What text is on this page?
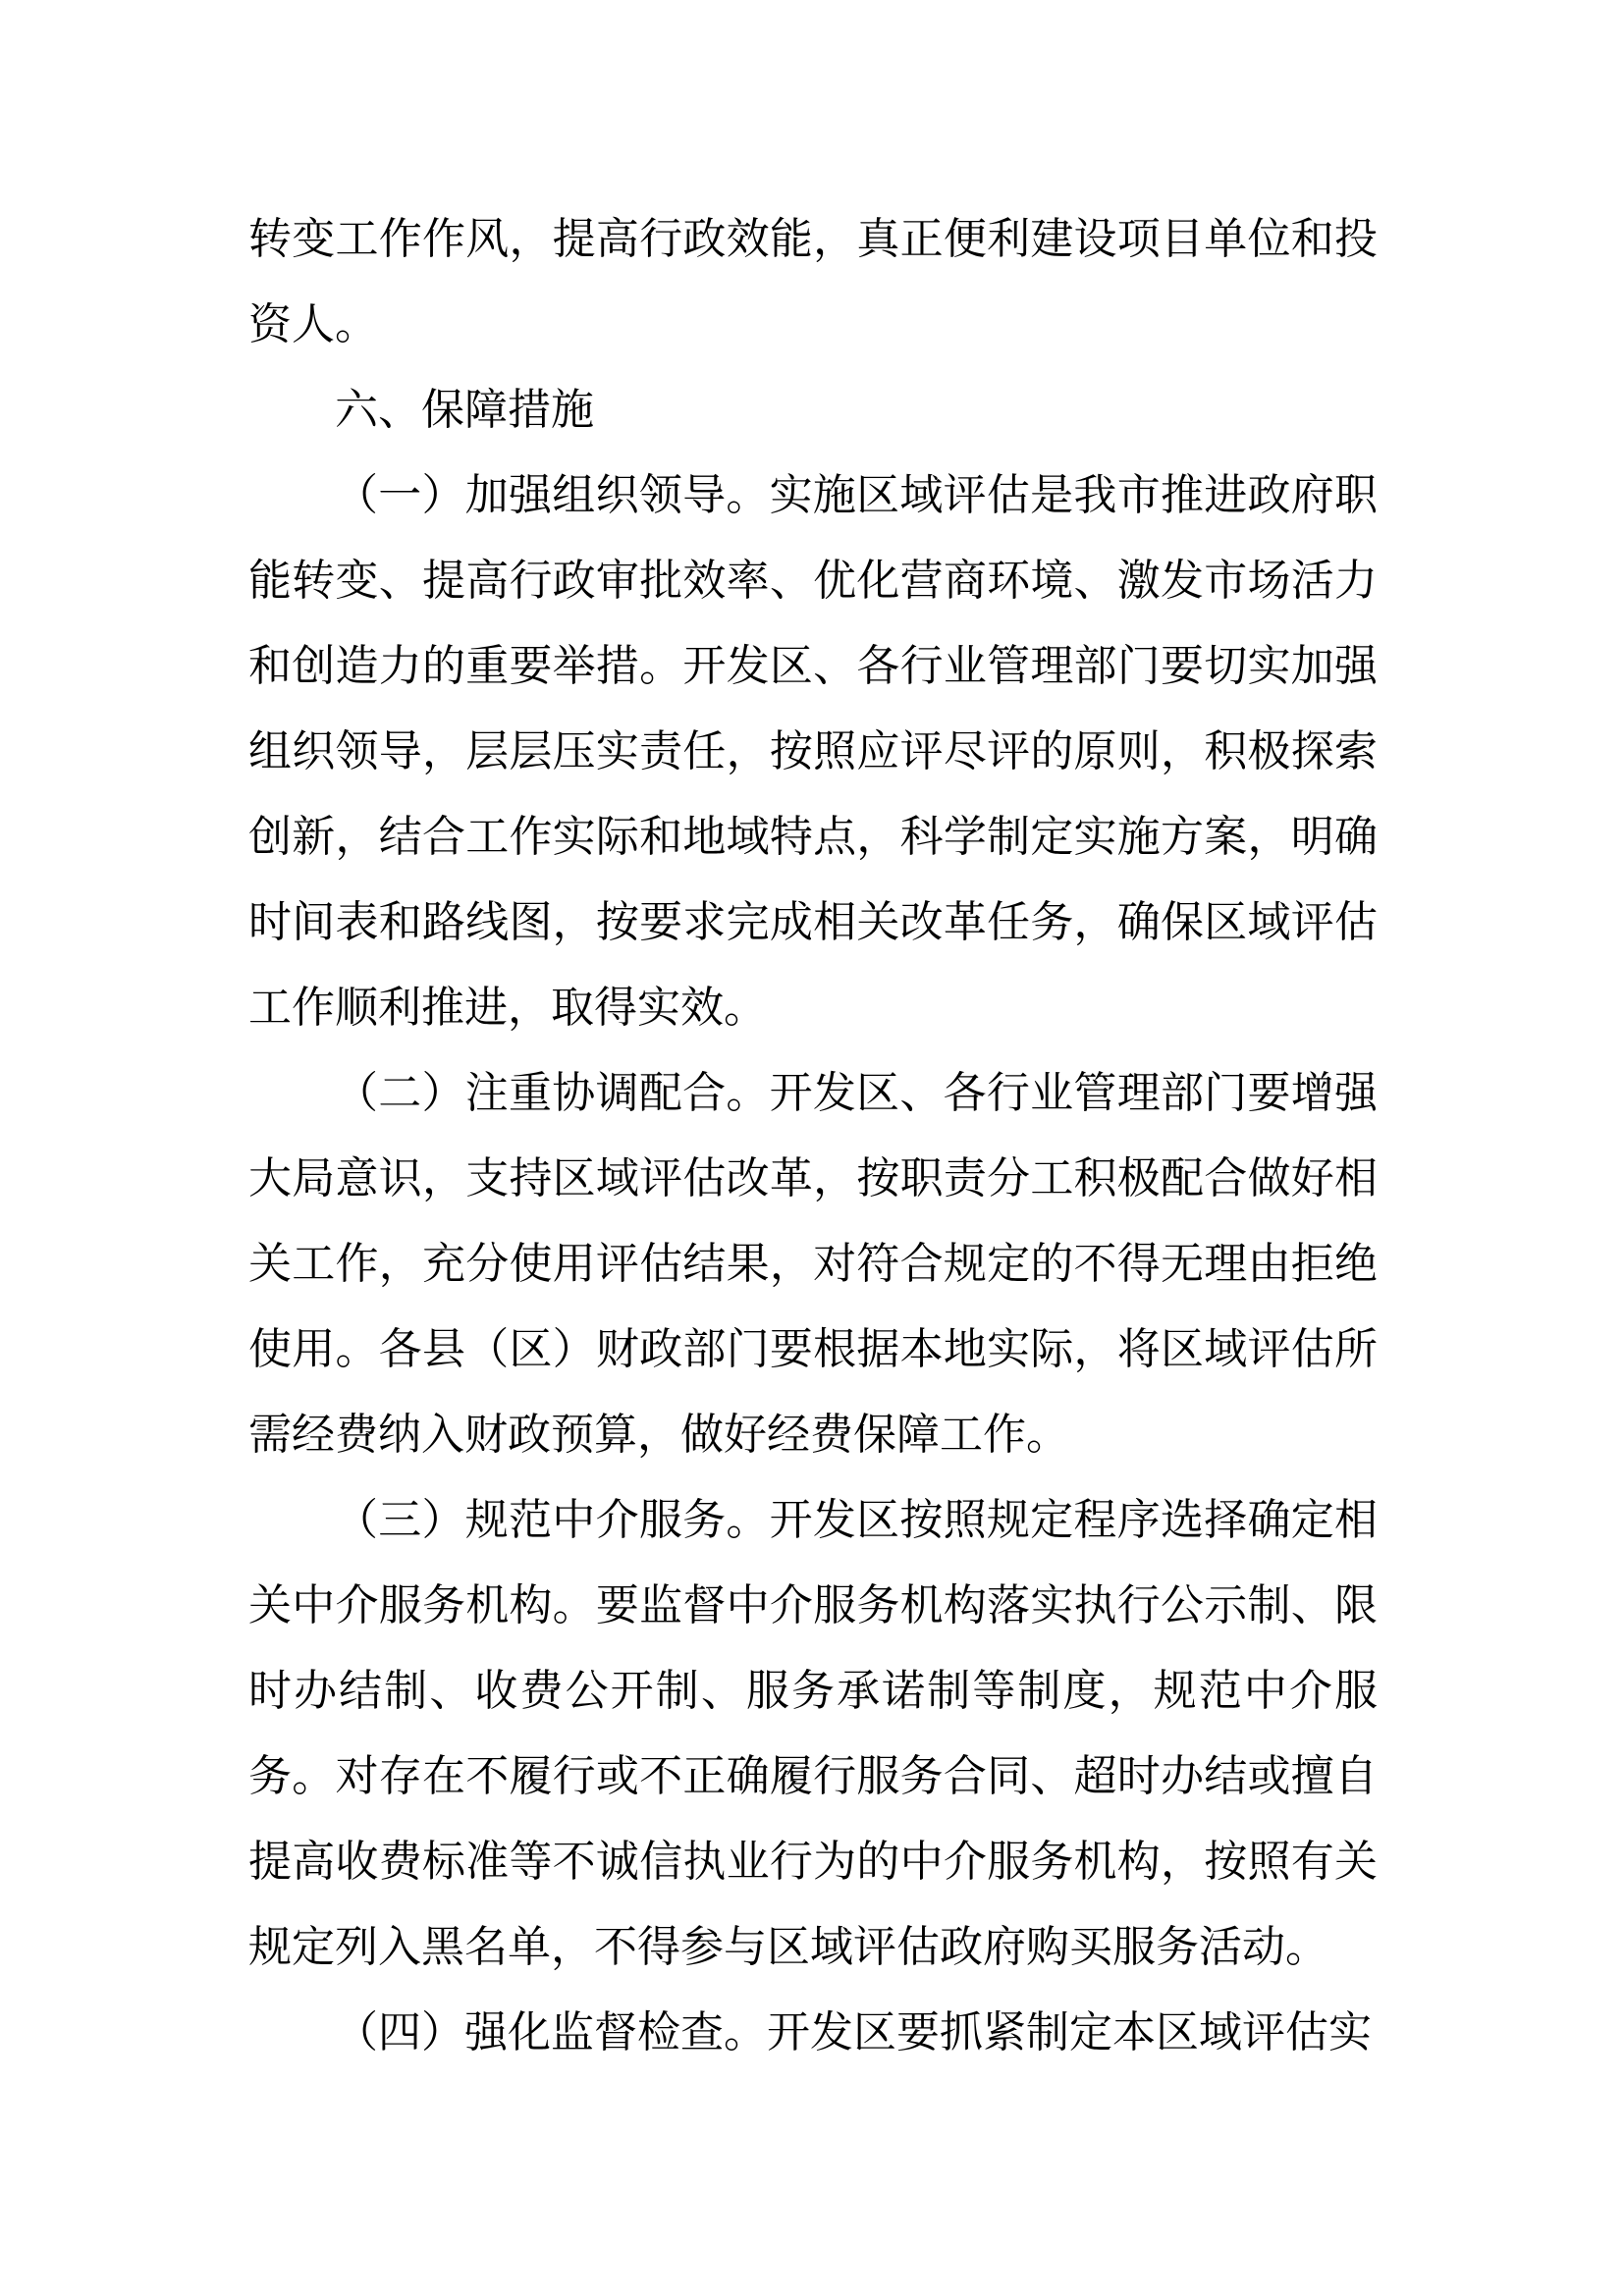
转变工作作风，提高行政效能，真正便利建设项目单位和投资人。

六、保障措施

（一）加强组织领导。实施区域评估是我市推进政府职能转变、提高行政审批效率、优化营商环境、激发市场活力和创造力的重要举措。开发区、各行业管理部门要切实加强组织领导，层层压实责任，按照应评尽评的原则，积极探索创新，结合工作实际和地域特点，科学制定实施方案，明确时间表和路线图，按要求完成相关改革任务，确保区域评估工作顺利推进，取得实效。

（二）注重协调配合。开发区、各行业管理部门要增强大局意识，支持区域评估改革，按职责分工积极配合做好相关工作，充分使用评估结果，对符合规定的不得无理由拒绝使用。各县（区）财政部门要根据本地实际，将区域评估所需经费纳入财政预算，做好经费保障工作。

（三）规范中介服务。开发区按照规定程序选择确定相关中介服务机构。要监督中介服务机构落实执行公示制、限时办结制、收费公开制、服务承诺制等制度，规范中介服务。对存在不履行或不正确履行服务合同、超时办结或擅自提高收费标准等不诚信执业行为的中介服务机构，按照有关规定列入黑名单，不得参与区域评估政府购买服务活动。

（四）强化监督检查。开发区要抓紧制定本区域评估实
